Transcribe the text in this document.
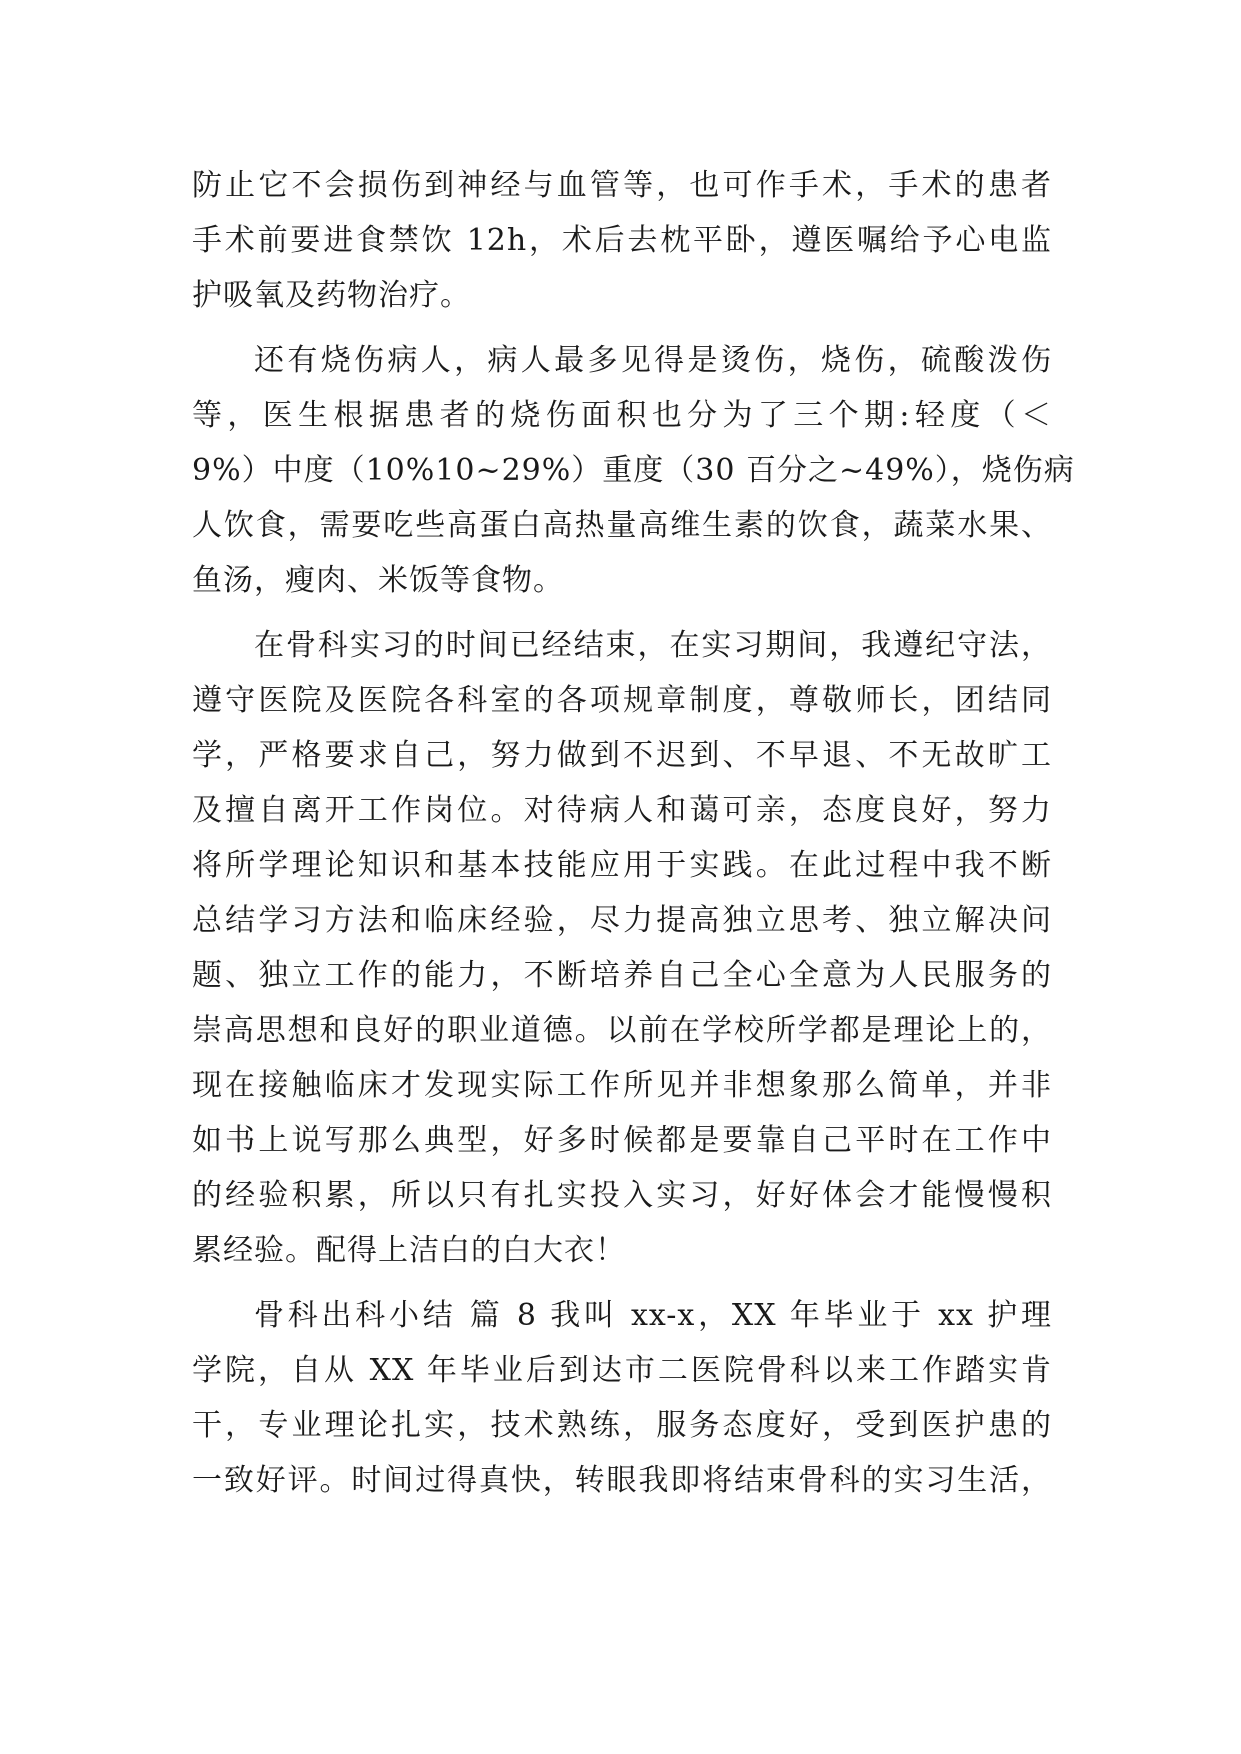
防止它不会损伤到神经与血管等，也可作手术，手术的患者
手术前要进食禁饮 12h，术后去枕平卧，遵医嘱给予心电监
护吸氧及药物治疗。
还有烧伤病人，病人最多见得是烫伤，烧伤，硫酸泼伤
等，医生根据患者的烧伤面积也分为了三个期:轻度（＜
9%）中度（10%10~29%）重度（30 百分之~49%），烧伤病
人饮食，需要吃些高蛋白高热量高维生素的饮食，蔬菜水果、
鱼汤，瘦肉、米饭等食物。
在骨科实习的时间已经结束，在实习期间，我遵纪守法，
遵守医院及医院各科室的各项规章制度，尊敬师长，团结同
学，严格要求自己，努力做到不迟到、不早退、不无故旷工
及擅自离开工作岗位。对待病人和蔼可亲，态度良好，努力
将所学理论知识和基本技能应用于实践。在此过程中我不断
总结学习方法和临床经验，尽力提高独立思考、独立解决问
题、独立工作的能力，不断培养自己全心全意为人民服务的
崇高思想和良好的职业道德。以前在学校所学都是理论上的，
现在接触临床才发现实际工作所见并非想象那么简单，并非
如书上说写那么典型，好多时候都是要靠自己平时在工作中
的经验积累，所以只有扎实投入实习，好好体会才能慢慢积
累经验。配得上洁白的白大衣！
骨科出科小结 篇 8 我叫 xx-x，XX 年毕业于 xx 护理
学院，自从 XX 年毕业后到达市二医院骨科以来工作踏实肯
干，专业理论扎实，技术熟练，服务态度好，受到医护患的
一致好评。时间过得真快，转眼我即将结束骨科的实习生活，
